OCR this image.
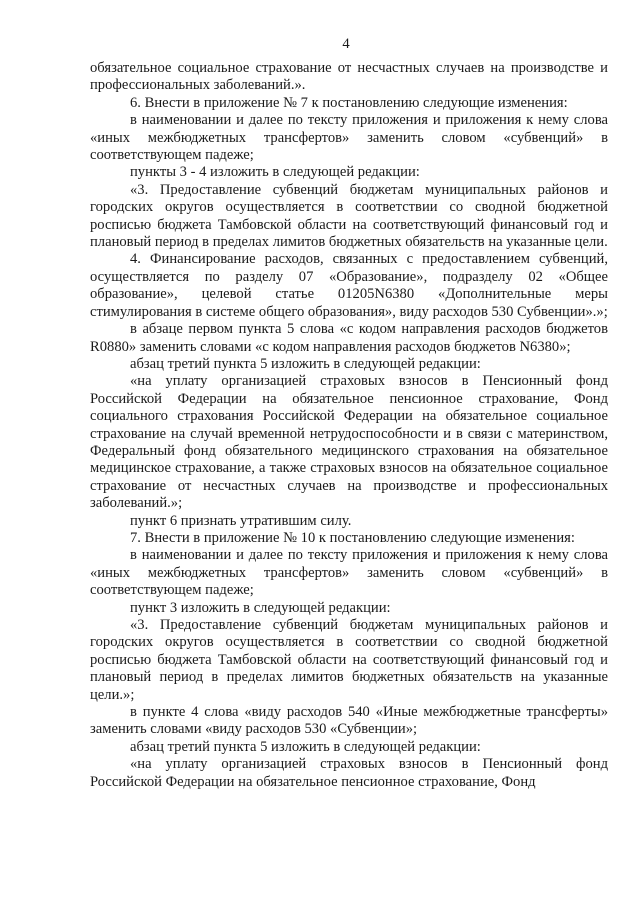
4

обязательное социальное страхование от несчастных случаев на производстве и профессиональных заболеваний.».

6. Внести в приложение № 7 к постановлению следующие изменения:

в наименовании и далее по тексту приложения и приложения к нему слова «иных межбюджетных трансфертов» заменить словом «субвенций» в соответствующем падеже;

пункты 3 - 4 изложить в следующей редакции:

«3. Предоставление субвенций бюджетам муниципальных районов и городских округов осуществляется в соответствии со сводной бюджетной росписью бюджета Тамбовской области на соответствующий финансовый год и плановый период в пределах лимитов бюджетных обязательств на указанные цели.

4. Финансирование расходов, связанных с предоставлением субвенций, осуществляется по разделу 07 «Образование», подразделу 02 «Общее образование», целевой статье 01205N6380 «Дополнительные меры стимулирования в системе общего образования», виду расходов 530 Субвенции».»;

в абзаце первом пункта 5 слова «с кодом направления расходов бюджетов R0880» заменить словами «с кодом направления расходов бюджетов N6380»;

абзац третий пункта 5 изложить в следующей редакции:

«на уплату организацией страховых взносов в Пенсионный фонд Российской Федерации на обязательное пенсионное страхование, Фонд социального страхования Российской Федерации на обязательное социальное страхование на случай временной нетрудоспособности и в связи с материнством, Федеральный фонд обязательного медицинского страхования на обязательное медицинское страхование, а также страховых взносов на обязательное социальное страхование от несчастных случаев на производстве и профессиональных заболеваний.»;

пункт 6 признать утратившим силу.

7. Внести в приложение № 10 к постановлению следующие изменения:

в наименовании и далее по тексту приложения и приложения к нему слова «иных межбюджетных трансфертов» заменить словом «субвенций» в соответствующем падеже;

пункт 3 изложить в следующей редакции:

«3. Предоставление субвенций бюджетам муниципальных районов и городских округов осуществляется в соответствии со сводной бюджетной росписью бюджета Тамбовской области на соответствующий финансовый год и плановый период в пределах лимитов бюджетных обязательств на указанные цели.»;

в пункте 4 слова «виду расходов 540 «Иные межбюджетные трансферты» заменить словами «виду расходов 530 «Субвенции»;

абзац третий пункта 5 изложить в следующей редакции:

«на уплату организацией страховых взносов в Пенсионный фонд Российской Федерации на обязательное пенсионное страхование, Фонд
